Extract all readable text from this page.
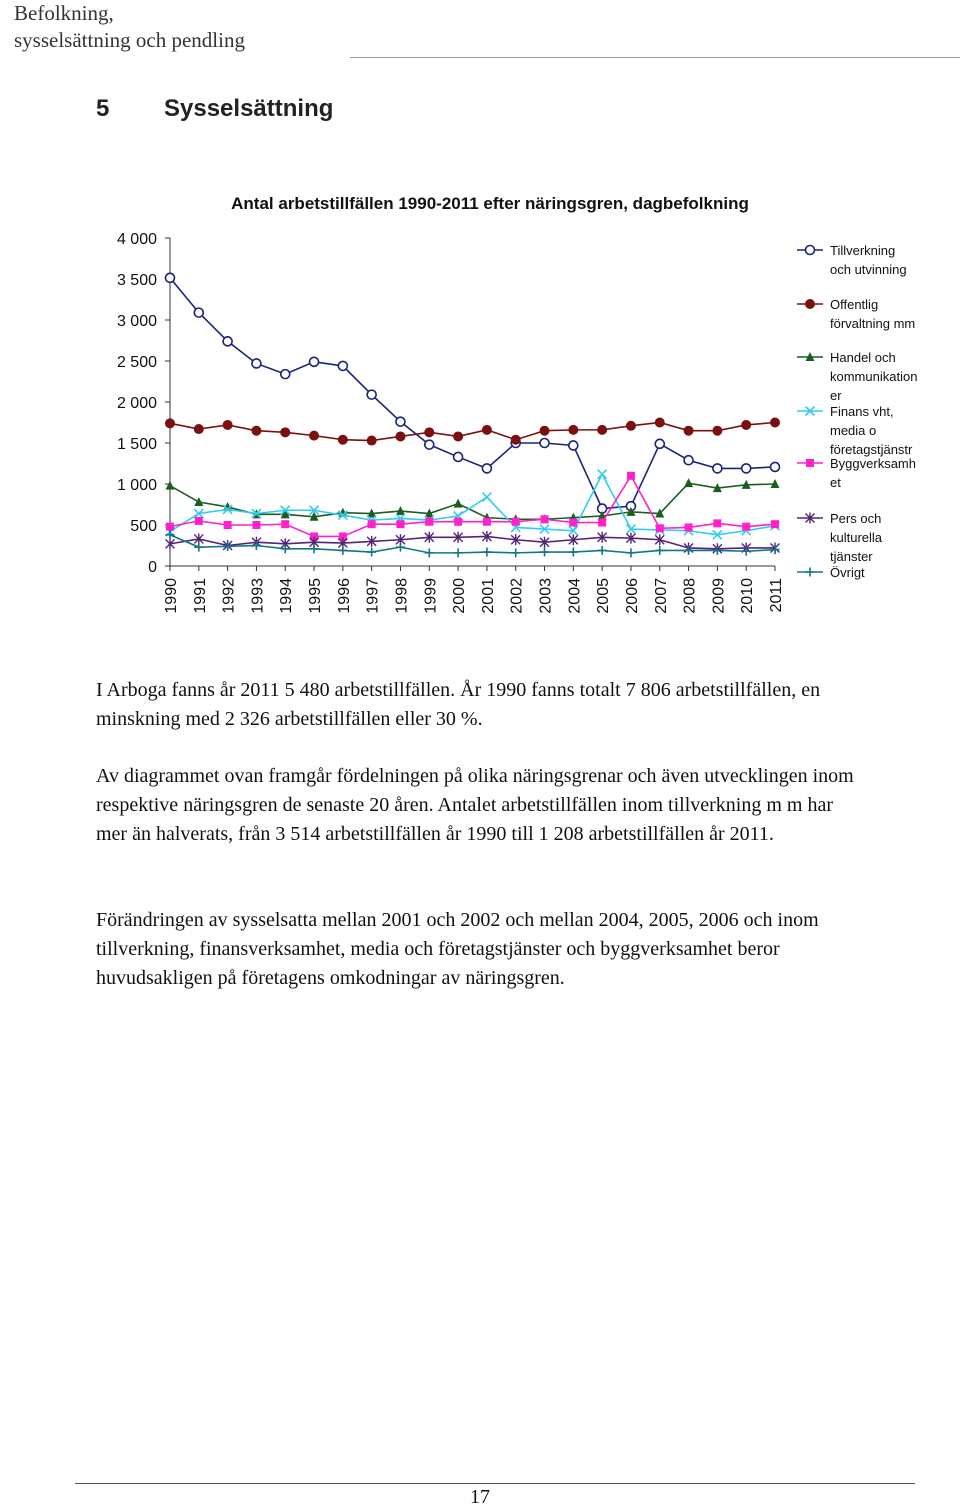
Befolkning,
sysselsättning och pendling
5 Sysselsättning
Antal arbetstillfällen 1990-2011 efter näringsgren, dagbefolkning
0
500
1 000
1 500
2 000
2 500
3 000
3 500
4 000
1990 1991 1992 1993 1994 1995 1996 1997 1998 1999 2000 2001 2002 2003 2004 2005 2006 2007 2008 2009 2010 2011
Tillverkning
och utvinning
Offentlig
förvaltning mm
Handel och
kommunikation
er
Finans vht,
media o
företagstjänstr
Byggverksamh
et
Pers och
kulturella
tjänster
Övrigt

I Arboga fanns år 2011 5 480 arbetstillfällen. År 1990 fanns totalt 7 806 arbetstillfällen, en minskning med 2 326 arbetstillfällen eller 30 %.

Av diagrammet ovan framgår fördelningen på olika näringsgrenar och även utvecklingen inom respektive näringsgren de senaste 20 åren. Antalet arbetstillfällen inom tillverkning m m har mer än halverats, från 3 514 arbetstillfällen år 1990 till 1 208 arbetstillfällen år 2011.

Förändringen av sysselsatta mellan 2001 och 2002 och mellan 2004, 2005, 2006 och inom tillverkning, finansverksamhet, media och företagstjänster och byggverksamhet beror huvudsakligen på företagens omkodningar av näringsgren.

17
